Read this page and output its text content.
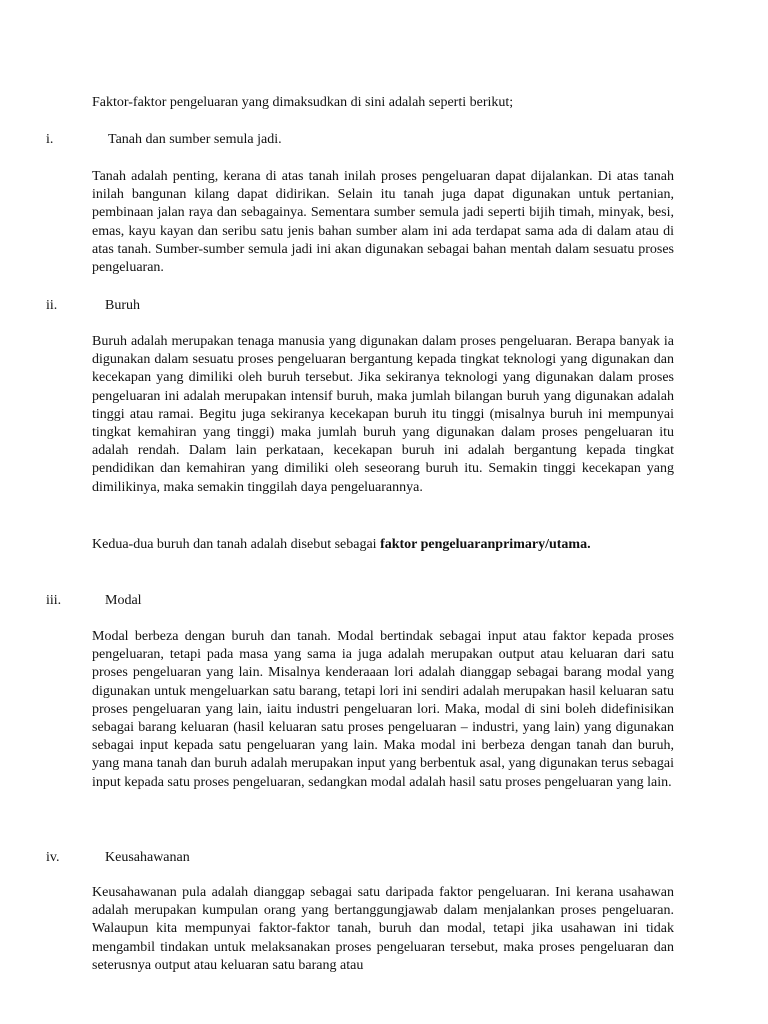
Faktor-faktor pengeluaran yang dimaksudkan di sini adalah seperti berikut;
i.	Tanah dan sumber semula jadi.
Tanah adalah penting, kerana di atas tanah inilah proses pengeluaran dapat dijalankan. Di atas tanah inilah bangunan kilang dapat didirikan. Selain itu tanah juga dapat digunakan untuk pertanian, pembinaan jalan raya dan sebagainya. Sementara sumber semula jadi seperti bijih timah, minyak, besi, emas, kayu kayan dan seribu satu jenis bahan sumber alam ini ada terdapat sama ada di dalam atau di atas tanah. Sumber-sumber semula jadi ini akan digunakan sebagai bahan mentah dalam sesuatu proses pengeluaran.
ii.	Buruh
Buruh adalah merupakan tenaga manusia yang digunakan dalam proses pengeluaran. Berapa banyak ia digunakan dalam sesuatu proses pengeluaran bergantung kepada tingkat teknologi yang digunakan dan kecekapan yang dimiliki oleh buruh tersebut. Jika sekiranya teknologi yang digunakan dalam proses pengeluaran ini adalah merupakan intensif buruh, maka jumlah bilangan buruh yang digunakan adalah tinggi atau ramai. Begitu juga sekiranya kecekapan buruh itu tinggi (misalnya buruh ini mempunyai tingkat kemahiran yang tinggi) maka jumlah buruh yang digunakan dalam proses pengeluaran itu adalah rendah. Dalam lain perkataan, kecekapan buruh ini adalah bergantung kepada tingkat pendidikan dan kemahiran yang dimiliki oleh seseorang buruh itu. Semakin tinggi kecekapan yang dimilikinya, maka semakin tinggilah daya pengeluarannya.
Kedua-dua buruh dan tanah adalah disebut sebagai faktor pengeluaranprimary/utama.
iii.	Modal
Modal berbeza dengan buruh dan tanah. Modal bertindak sebagai input atau faktor kepada proses pengeluaran, tetapi pada masa yang sama ia juga adalah merupakan output atau keluaran dari satu proses pengeluaran yang lain. Misalnya kenderaaan lori adalah dianggap sebagai barang modal yang digunakan untuk mengeluarkan satu barang, tetapi lori ini sendiri adalah merupakan hasil keluaran satu proses pengeluaran yang lain, iaitu industri pengeluaran lori. Maka, modal di sini boleh didefinisikan sebagai barang keluaran (hasil keluaran satu proses pengeluaran – industri, yang lain) yang digunakan sebagai input kepada satu pengeluaran yang lain. Maka modal ini berbeza dengan tanah dan buruh, yang mana tanah dan buruh adalah merupakan input yang berbentuk asal, yang digunakan terus sebagai input kepada satu proses pengeluaran, sedangkan modal adalah hasil satu proses pengeluaran yang lain.
iv.	Keusahawanan
Keusahawanan pula adalah dianggap sebagai satu daripada faktor pengeluaran. Ini kerana usahawan adalah merupakan kumpulan orang yang bertanggungjawab dalam menjalankan proses pengeluaran. Walaupun kita mempunyai faktor-faktor tanah, buruh dan modal, tetapi jika usahawan ini tidak mengambil tindakan untuk melaksanakan proses pengeluaran tersebut, maka proses pengeluaran dan seterusnya output atau keluaran satu barang atau
